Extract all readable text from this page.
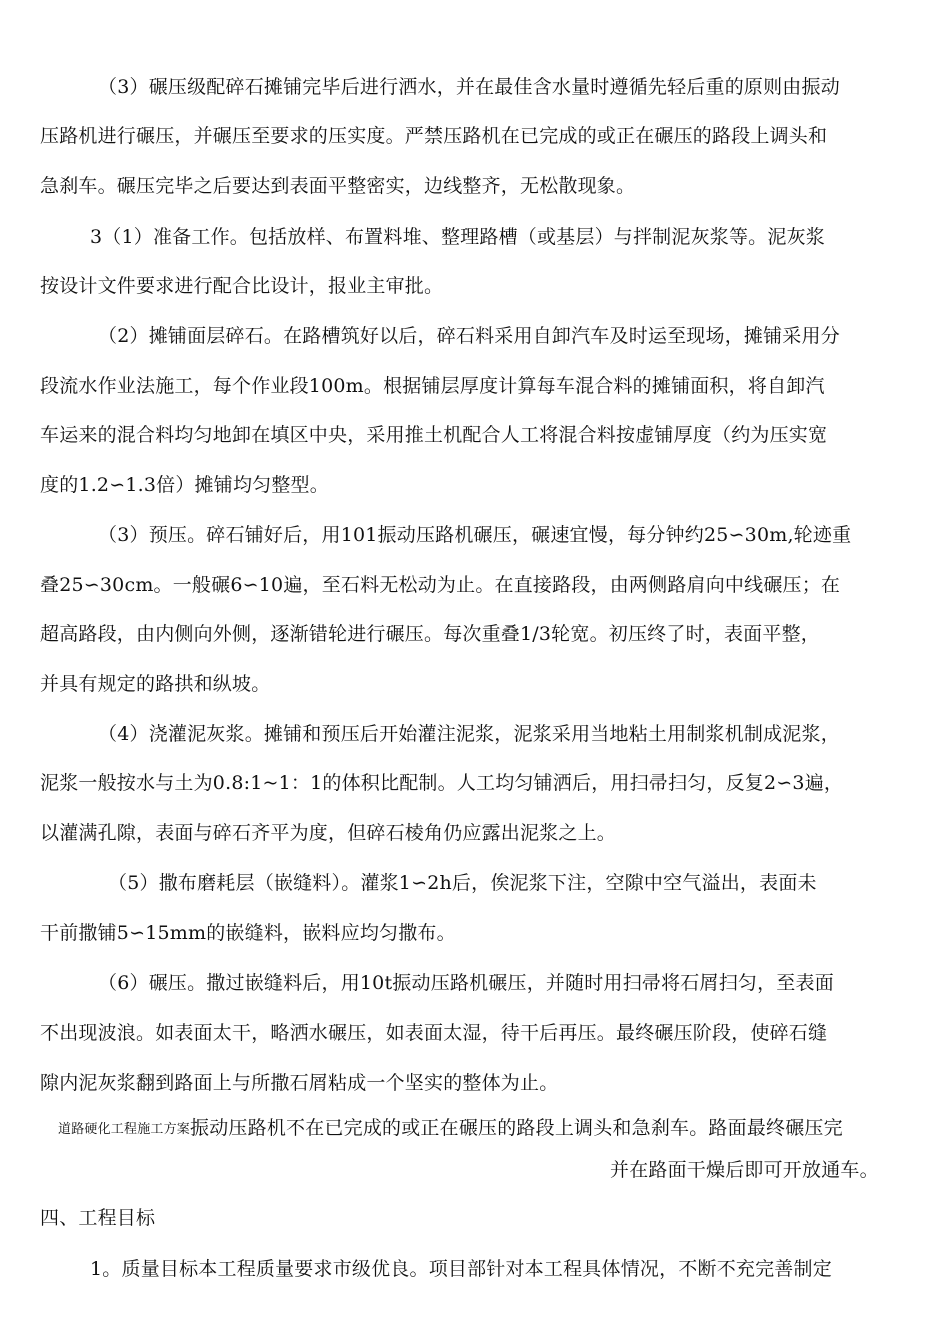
（3）碾压级配碎石摊铺完毕后进行洒水，并在最佳含水量时遵循先轻后重的原则由振动
压路机进行碾压，并碾压至要求的压实度。严禁压路机在已完成的或正在碾压的路段上调头和
急刹车。碾压完毕之后要达到表面平整密实，边线整齐，无松散现象。
3（1）准备工作。包括放样、布置料堆、整理路槽（或基层）与拌制泥灰浆等。泥灰浆
按设计文件要求进行配合比设计，报业主审批。
（2）摊铺面层碎石。在路槽筑好以后，碎石料采用自卸汽车及时运至现场，摊铺采用分
段流水作业法施工，每个作业段100m。根据铺层厚度计算每车混合料的摊铺面积，将自卸汽
车运来的混合料均匀地卸在填区中央，采用推土机配合人工将混合料按虚铺厚度（约为压实宽
度的1.2∽1.3倍）摊铺均匀整型。
（3）预压。碎石铺好后，用101振动压路机碾压，碾速宜慢，每分钟约25∽30m,轮迹重
叠25∽30cm。一般碾6∽10遍，至石料无松动为止。在直接路段，由两侧路肩向中线碾压；在
超高路段，由内侧向外侧，逐渐错轮进行碾压。每次重叠1/3轮宽。初压终了时，表面平整，
并具有规定的路拱和纵坡。
（4）浇灌泥灰浆。摊铺和预压后开始灌注泥浆，泥浆采用当地粘土用制浆机制成泥浆，
泥浆一般按水与土为0.8:1~1：1的体积比配制。人工均匀铺洒后，用扫帚扫匀，反复2∽3遍，
以灌满孔隙，表面与碎石齐平为度，但碎石棱角仍应露出泥浆之上。
（5）撒布磨耗层（嵌缝料）。灌浆1∽2h后，俟泥浆下注，空隙中空气溢出，表面未
干前撒铺5∽15mm的嵌缝料，嵌料应均匀撒布。
（6）碾压。撒过嵌缝料后，用10t振动压路机碾压，并随时用扫帚将石屑扫匀，至表面
不出现波浪。如表面太干，略洒水碾压，如表面太湿，待干后再压。最终碾压阶段，使碎石缝
隙内泥灰浆翻到路面上与所撒石屑粘成一个坚实的整体为止。
道路硬化工程施工方案振动压路机不在已完成的或正在碾压的路段上调头和急刹车。路面最终碾压完
并在路面干燥后即可开放通车。
四、工程目标
1。质量目标本工程质量要求市级优良。项目部针对本工程具体情况，不断不充完善制定
